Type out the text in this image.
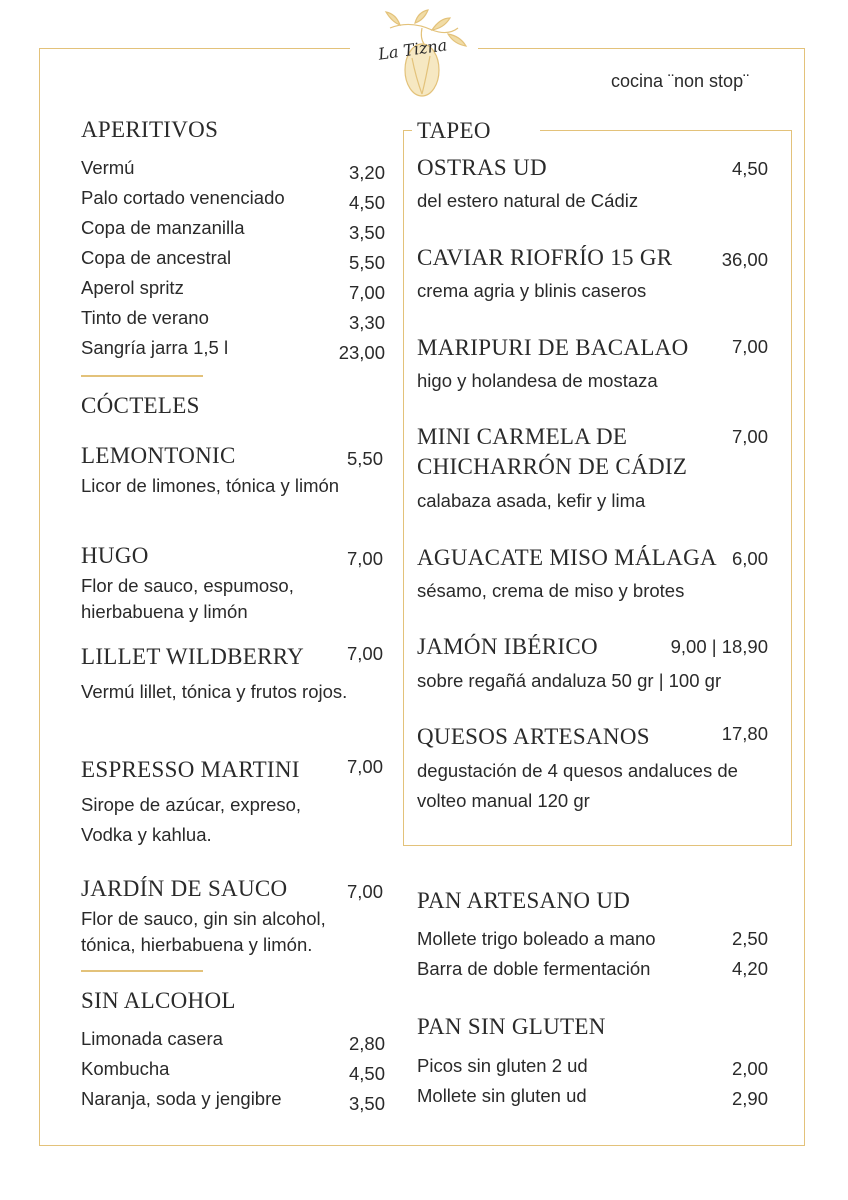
La Tizna
cocina ¨non stop¨
APERITIVOS
Vermú	3,20
Palo cortado venenciado	4,50
Copa de manzanilla	3,50
Copa de ancestral	5,50
Aperol spritz	7,00
Tinto de verano	3,30
Sangría jarra 1,5 l	23,00
CÓCTELES
LEMONTONIC	5,50
Licor de limones, tónica y limón
HUGO	7,00
Flor de sauco, espumoso, hierbabuena y limón
LILLET WILDBERRY 7,00
Vermú lillet, tónica y frutos rojos.
ESPRESSO MARTINI	7,00
Sirope de azúcar, expreso, Vodka y kahlua.
JARDÍN DE SAUCO	7,00
Flor de sauco, gin sin alcohol, tónica, hierbabuena y limón.
SIN ALCOHOL
Limonada casera	2,80
Kombucha	4,50
Naranja, soda y jengibre	3,50
TAPEO
OSTRAS UD	4,50
del estero natural de Cádiz
CAVIAR RIOFRÍO 15 GR	36,00
crema agria y blinis caseros
MARIPURI DE BACALAO 7,00
higo y holandesa de mostaza
MINI CARMELA DE
CHICHARRÓN DE CÁDIZ
7,00
calabaza asada, kefir y lima
AGUACATE MISO MÁLAGA 6,00
sésamo, crema de miso y brotes
JAMÓN IBÉRICO	9,00 | 18,90
sobre regañá andaluza 50 gr | 100 gr
QUESOS ARTESANOS	17,80
degustación de 4 quesos andaluces de volteo manual 120 gr
PAN ARTESANO UD
Mollete trigo boleado a mano	2,50
Barra de doble fermentación	4,20
PAN SIN GLUTEN
Picos sin gluten 2 ud	2,00
Mollete sin gluten ud	2,90
